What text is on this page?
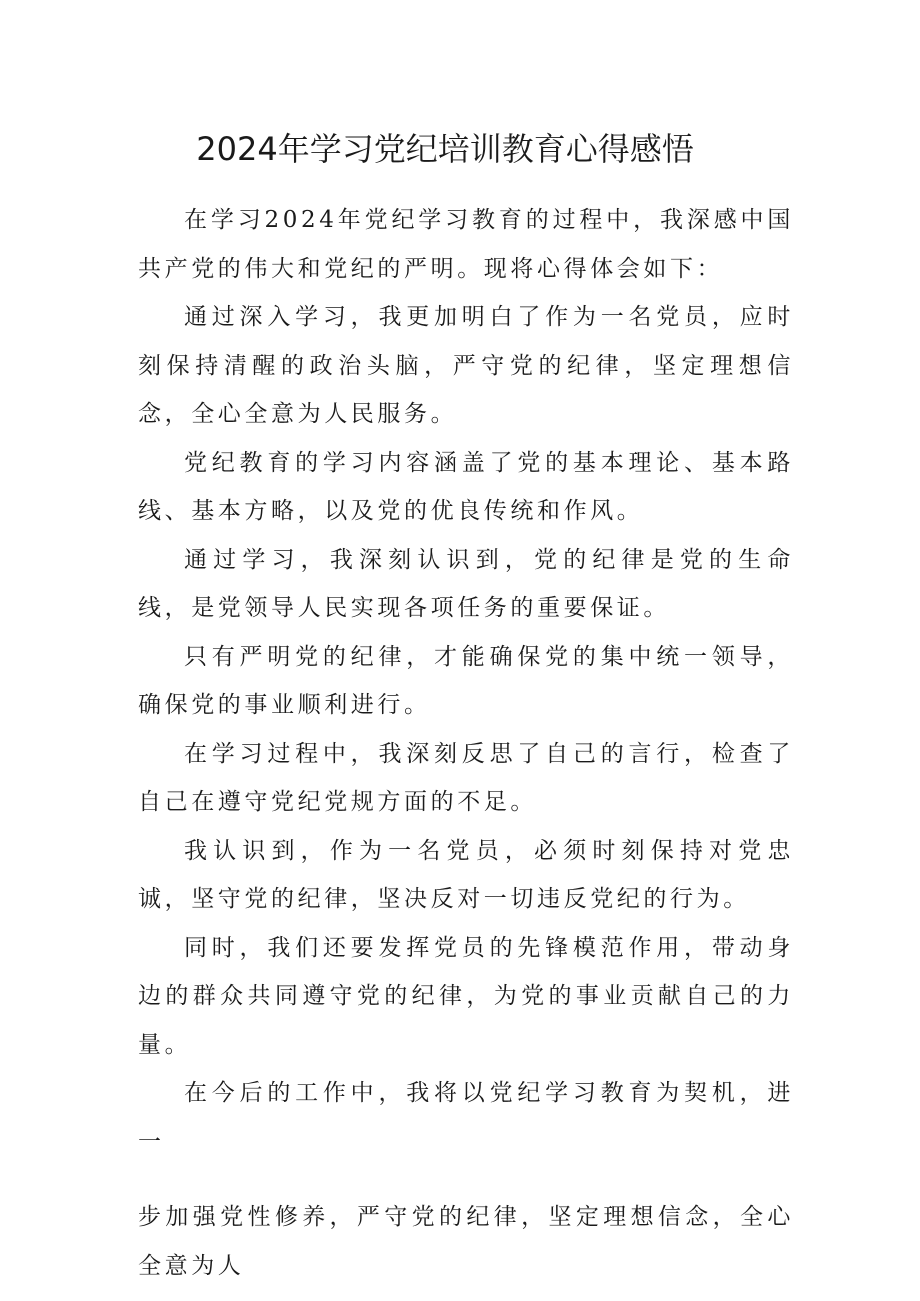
2024年学习党纪培训教育心得感悟

在学习2024年党纪学习教育的过程中，我深感中国共产党的伟大和党纪的严明。现将心得体会如下：

通过深入学习，我更加明白了作为一名党员，应时刻保持清醒的政治头脑，严守党的纪律，坚定理想信念，全心全意为人民服务。

党纪教育的学习内容涵盖了党的基本理论、基本路线、基本方略，以及党的优良传统和作风。

通过学习，我深刻认识到，党的纪律是党的生命线，是党领导人民实现各项任务的重要保证。

只有严明党的纪律，才能确保党的集中统一领导，确保党的事业顺利进行。

在学习过程中，我深刻反思了自己的言行，检查了自己在遵守党纪党规方面的不足。

我认识到，作为一名党员，必须时刻保持对党忠诚，坚守党的纪律，坚决反对一切违反党纪的行为。

同时，我们还要发挥党员的先锋模范作用，带动身边的群众共同遵守党的纪律，为党的事业贡献自己的力量。

在今后的工作中，我将以党纪学习教育为契机，进一

步加强党性修养，严守党的纪律，坚定理想信念，全心全意为人
